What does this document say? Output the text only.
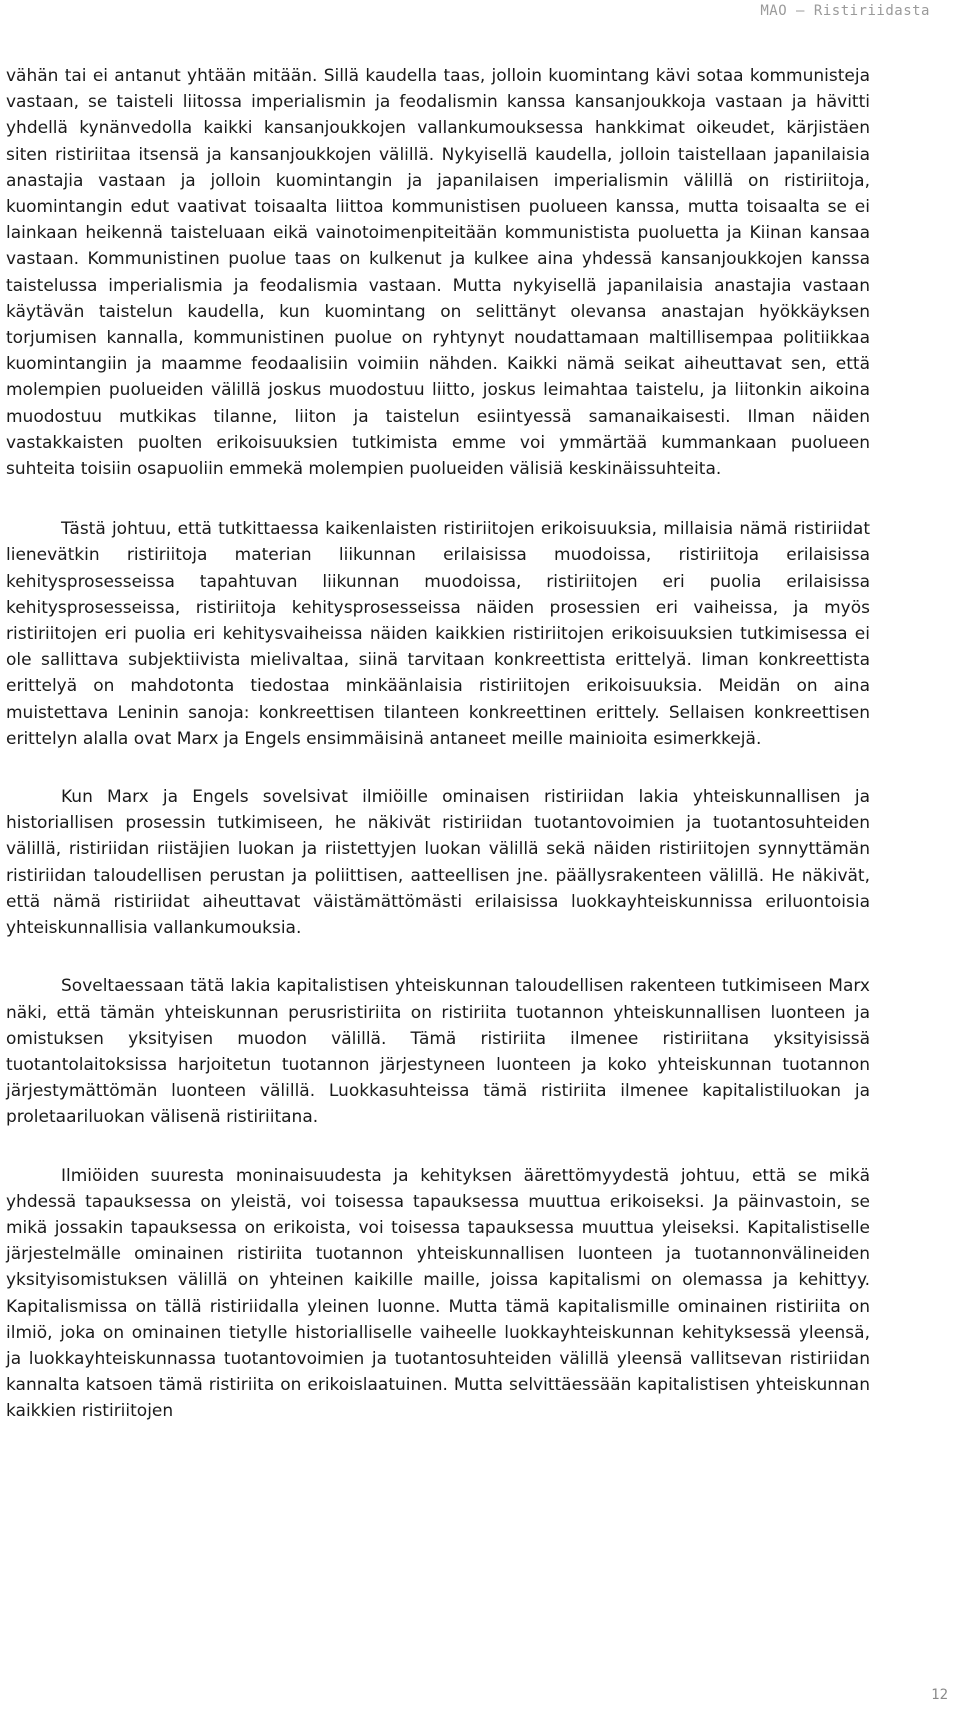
MAO – Ristiriidasta

vähän tai ei antanut yhtään mitään. Sillä kaudella taas, jolloin kuomintang kävi sotaa kommunisteja vastaan, se taisteli liitossa imperialismin ja feodalismin kanssa kansanjoukkoja vastaan ja hävitti yhdellä kynänvedolla kaikki kansanjoukkojen vallankumouksessa hankkimat oikeudet, kärjistäen siten ristiriitaa itsensä ja kansanjoukkojen välillä. Nykyisellä kaudella, jolloin taistellaan japanilaisia anastajia vastaan ja jolloin kuomintangin ja japanilaisen imperialismin välillä on ristiriitoja, kuomintangin edut vaativat toisaalta liittoa kommunistisen puolueen kanssa, mutta toisaalta se ei lainkaan heikennä taisteluaan eikä vainotoimenpiteitään kommunistista puoluetta ja Kiinan kansaa vastaan. Kommunistinen puolue taas on kulkenut ja kulkee aina yhdessä kansanjoukkojen kanssa taistelussa imperialismia ja feodalismia vastaan. Mutta nykyisellä japanilaisia anastajia vastaan käytävän taistelun kaudella, kun kuomintang on selittänyt olevansa anastajan hyökkäyksen torjumisen kannalla, kommunistinen puolue on ryhtynyt noudattamaan maltillisempaa politiikkaa kuomintangiin ja maamme feodaalisiin voimiin nähden. Kaikki nämä seikat aiheuttavat sen, että molempien puolueiden välillä joskus muodostuu liitto, joskus leimahtaa taistelu, ja liitonkin aikoina muodostuu mutkikas tilanne, liiton ja taistelun esiintyessä samanaikaisesti. Ilman näiden vastakkaisten puolten erikoisuuksien tutkimista emme voi ymmärtää kummankaan puolueen suhteita toisiin osapuoliin emmekä molempien puolueiden välisiä keskinäissuhteita.

Tästä johtuu, että tutkittaessa kaikenlaisten ristiriitojen erikoisuuksia, millaisia nämä ristiriidat lienevätkin ristiriitoja materian liikunnan erilaisissa muodoissa, ristiriitoja erilaisissa kehitysprosesseissa tapahtuvan liikunnan muodoissa, ristiriitojen eri puolia erilaisissa kehitysprosesseissa, ristiriitoja kehitysprosesseissa näiden prosessien eri vaiheissa, ja myös ristiriitojen eri puolia eri kehitysvaiheissa näiden kaikkien ristiriitojen erikoisuuksien tutkimisessa ei ole sallittava subjektiivista mielivaltaa, siinä tarvitaan konkreettista erittelyä. Iiman konkreettista erittelyä on mahdotonta tiedostaa minkäänlaisia ristiriitojen erikoisuuksia. Meidän on aina muistettava Leninin sanoja: konkreettisen tilanteen konkreettinen erittely. Sellaisen konkreettisen erittelyn alalla ovat Marx ja Engels ensimmäisinä antaneet meille mainioita esimerkkejä.

Kun Marx ja Engels sovelsivat ilmiöille ominaisen ristiriidan lakia yhteiskunnallisen ja historiallisen prosessin tutkimiseen, he näkivät ristiriidan tuotantovoimien ja tuotantosuhteiden välillä, ristiriidan riistäjien luokan ja riistettyjen luokan välillä sekä näiden ristiriitojen synnyttämän ristiriidan taloudellisen perustan ja poliittisen, aatteellisen jne. päällysrakenteen välillä. He näkivät, että nämä ristiriidat aiheuttavat väistämättömästi erilaisissa luokkayhteiskunnissa eriluontoisia yhteiskunnallisia vallankumouksia.

Soveltaessaan tätä lakia kapitalistisen yhteiskunnan taloudellisen rakenteen tutkimiseen Marx näki, että tämän yhteiskunnan perusristiriita on ristiriita tuotannon yhteiskunnallisen luonteen ja omistuksen yksityisen muodon välillä. Tämä ristiriita ilmenee ristiriitana yksityisissä tuotantolaitoksissa harjoitetun tuotannon järjestyneen luonteen ja koko yhteiskunnan tuotannon järjestymättömän luonteen välillä. Luokkasuhteissa tämä ristiriita ilmenee kapitalistiluokan ja proletaariluokan välisenä ristiriitana.

Ilmiöiden suuresta moninaisuudesta ja kehityksen äärettömyydestä johtuu, että se mikä yhdessä tapauksessa on yleistä, voi toisessa tapauksessa muuttua erikoiseksi. Ja päinvastoin, se mikä jossakin tapauksessa on erikoista, voi toisessa tapauksessa muuttua yleiseksi. Kapitalistiselle järjestelmälle ominainen ristiriita tuotannon yhteiskunnallisen luonteen ja tuotannonvälineiden yksityisomistuksen välillä on yhteinen kaikille maille, joissa kapitalismi on olemassa ja kehittyy. Kapitalismissa on tällä ristiriidalla yleinen luonne. Mutta tämä kapitalismille ominainen ristiriita on ilmiö, joka on ominainen tietylle historialliselle vaiheelle luokkayhteiskunnan kehityksessä yleensä, ja luokkayhteiskunnassa tuotantovoimien ja tuotantosuhteiden välillä yleensä vallitsevan ristiriidan kannalta katsoen tämä ristiriita on erikoislaatuinen. Mutta selvittäessään kapitalistisen yhteiskunnan kaikkien ristiriitojen

12
